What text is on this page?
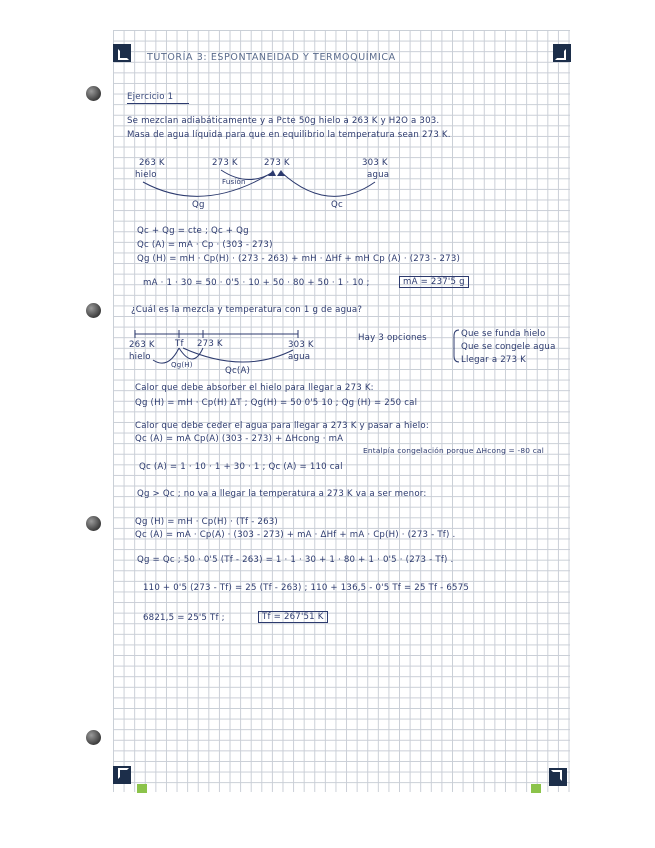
TUTORÍA 3: ESPONTANEIDAD Y TERMOQUÍMICA
Ejercicio 1
Se mezclan adiabáticamente y a Pcte 50g hielo a 263 K y H2O a 303.
Masa de agua líquida para que en equilibrio la temperatura sean 273 K.
263 K
hielo
273 K	273 K
Fusión
303 K
agua
Qg	Qc
Qc + Qg = cte ; Qc + Qg
Qc (A) = mA · Cp · (303 - 273)
Qg (H) = mH · Cp(H) · (273 - 263) + mH · ΔHf + mH Cp (A) · (273 - 273)
mA · 1 · 30 = 50 · 0'5 · 10 + 50 · 80 + 50 · 1 · 10 ;	mA = 237'5 g
¿Cuál es la mezcla y temperatura con 1 g de agua?
263 K
hielo
Tf 273 K	303 K
agua
Qg(H)
Qc(A)
Hay 3 opciones	Que se funda hielo
Que se congele agua
Llegar a 273 K
Calor que debe absorber el hielo para llegar a 273 K:
Qg (H) = mH · Cp(H) ΔT ; Qg(H) = 50 0'5 10 ; Qg (H) = 250 cal
Calor que debe ceder el agua para llegar a 273 K y pasar a hielo:
Qc (A) = mA Cp(A) (303 - 273) + ΔHcong · mA
Entalpía congelación porque ΔHcong = -80 cal
Qc (A) = 1 · 10 · 1 + 30 · 1 ; Qc (A) = 110 cal
Qg > Qc ; no va a llegar la temperatura a 273 K va a ser menor:
Qg (H) = mH · Cp(H) · (Tf - 263)
Qc (A) = mA · Cp(A) · (303 - 273) + mA · ΔHf + mA · Cp(H) · (273 - Tf) .
Qg = Qc ; 50 · 0'5 (Tf - 263) = 1 · 1 · 30 + 1 · 80 + 1 · 0'5 · (273 - Tf) .
110 + 0'5 (273 - Tf) = 25 (Tf - 263) ; 110 + 136,5 - 0'5 Tf = 25 Tf - 6575
6821,5 = 25'5 Tf ;	Tf = 267'51 K
